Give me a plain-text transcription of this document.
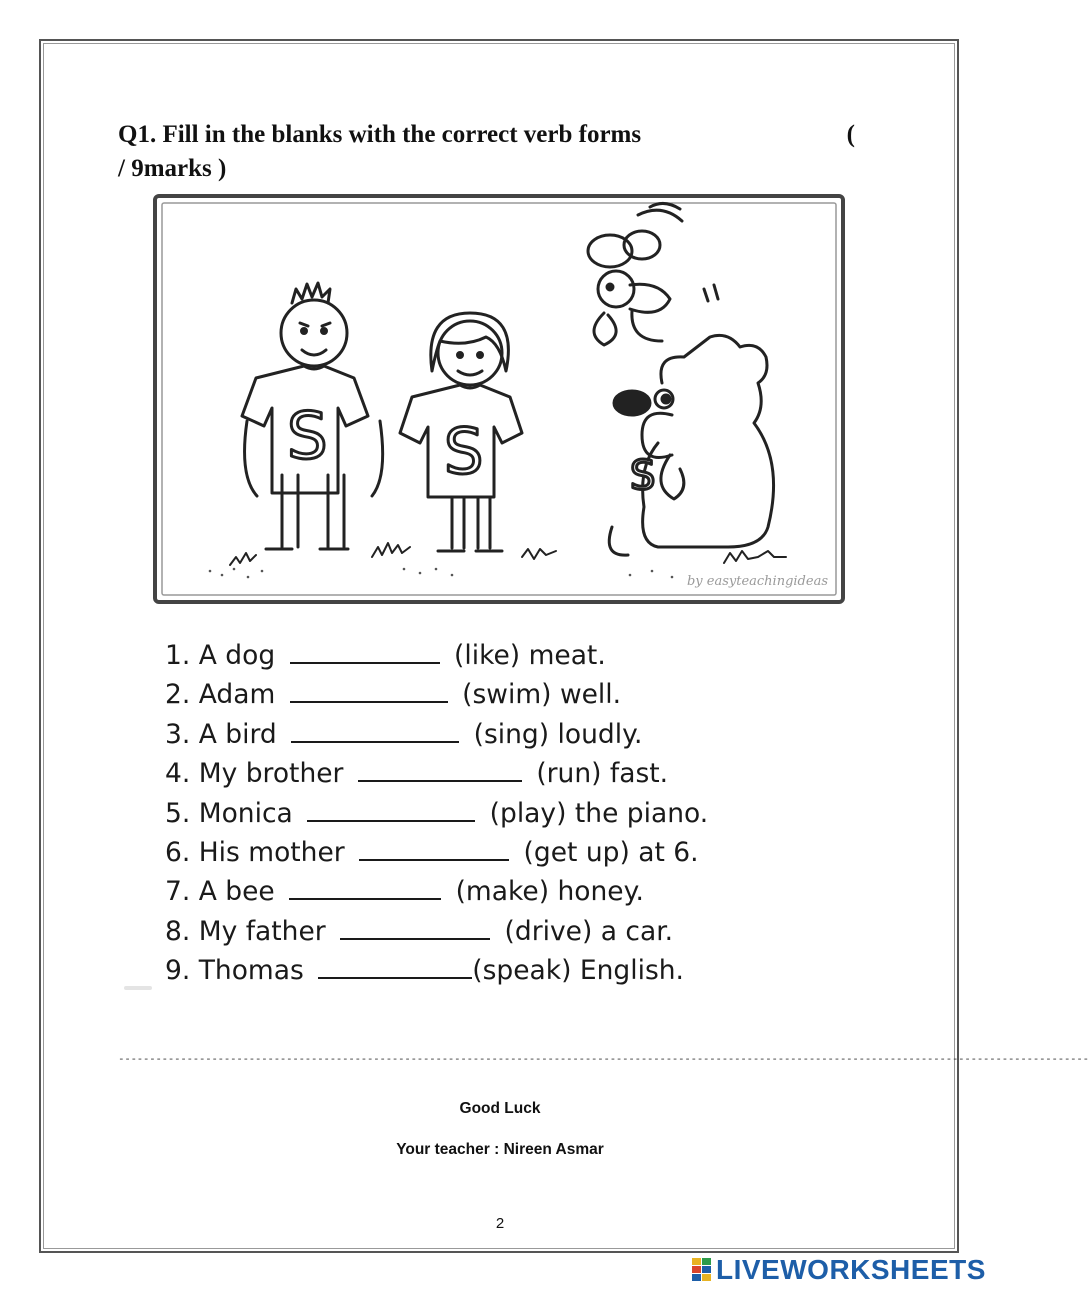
Q1. Fill in the blanks with the correct verb forms	(
/ 9marks )
S S	S
by easyteachingideas
1. A dog	(like) meat.
2. Adam	(swim) well.
3. A bird	(sing) loudly.
4. My brother	(run) fast.
5. Monica	(play) the piano.
6. His mother	(get up) at 6.
7. A bee	(make) honey.
8. My father	(drive) a car.
9. Thomas	(speak) English.
------------------------------------------------------------------------------------------------------------------------------------------------------------
Good Luck
Your teacher : Nireen Asmar
2
LIVEWORKSHEETS
